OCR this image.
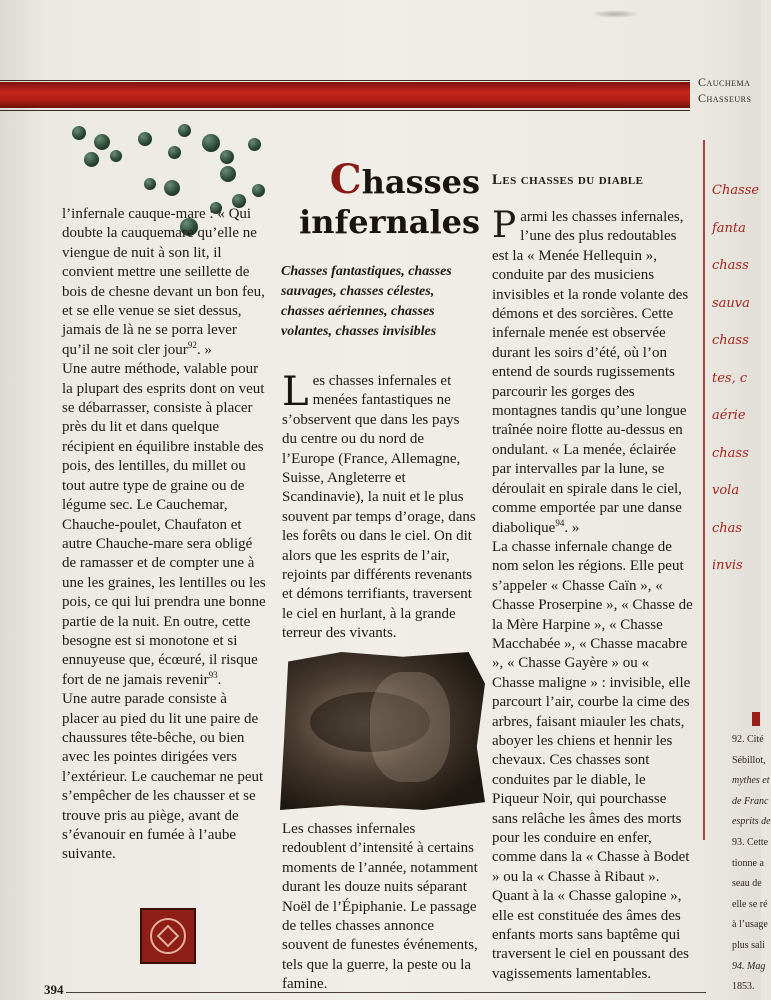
Cauchema
Chasseurs

l’infernale cauque-mare : « Qui doubte la cauquemare qu’elle ne viengue de nuit à son lit, il convient mettre une seillette de bois de chesne devant un bon feu, et se elle venue se siet dessus, jamais de là ne se porra lever qu’il ne soit cler jour$^{92}$. »

Une autre méthode, valable pour la plupart des esprits dont on veut se débarrasser, consiste à placer près du lit et dans quelque récipient en équilibre instable des pois, des lentilles, du millet ou tout autre type de graine ou de légume sec. Le Cauchemar, Chauche-poulet, Chaufaton et autre Chauche-mare sera obligé de ramasser et de compter une à une les graines, les lentilles ou les pois, ce qui lui prendra une bonne partie de la nuit. En outre, cette besogne est si monotone et si ennuyeuse que, écœuré, il risque fort de ne jamais revenir$^{93}$.

Une autre parade consiste à placer au pied du lit une paire de chaussures tête-bêche, ou bien avec les pointes dirigées vers l’extérieur. Le cauchemar ne peut s’empêcher de les chausser et se trouve pris au piège, avant de s’évanouir en fumée à l’aube suivante.

Chasses
infernales
Chasses fantastiques, chasses sauvages, chasses célestes, chasses aériennes, chasses volantes, chasses invisibles

Les chasses infernales et menées fantastiques ne s’observent que dans les pays du centre ou du nord de l’Europe (France, Allemagne, Suisse, Angleterre et Scandinavie), la nuit et le plus souvent par temps d’orage, dans les forêts ou dans le ciel. On dit alors que les esprits de l’air, rejoints par différents revenants et démons terrifiants, traversent le ciel en hurlant, à la grande terreur des vivants.

Les chasses infernales redoublent d’intensité à certains moments de l’année, notamment durant les douze nuits séparant Noël de l’Épiphanie. Le passage de telles chasses annonce souvent de funestes événements, tels que la guerre, la peste ou la famine.
Les chasses du diable

Parmi les chasses infernales, l’une des plus redoutables est la « Menée Hellequin », conduite par des musiciens invisibles et la ronde volante des démons et des sorcières. Cette infernale menée est observée durant les soirs d’été, où l’on entend de sourds rugissements parcourir les gorges des montagnes tandis qu’une longue traînée noire flotte au-dessus en ondulant. « La menée, éclairée par intervalles par la lune, se déroulait en spirale dans le ciel, comme emportée par une danse diabolique$^{94}$. »

La chasse infernale change de nom selon les régions. Elle peut s’appeler « Chasse Caïn », « Chasse Proserpine », « Chasse de la Mère Harpine », « Chasse Macchabée », « Chasse macabre », « Chasse Gayère » ou « Chasse maligne » : invisible, elle parcourt l’air, courbe la cime des arbres, faisant miauler les chats, aboyer les chiens et hennir les chevaux. Ces chasses sont conduites par le diable, le Piqueur Noir, qui pourchasse sans relâche les âmes des morts pour les conduire en enfer, comme dans la « Chasse à Bodet » ou la « Chasse à Ribaut ». Quant à la « Chasse galopine », elle est constituée des âmes des enfants morts sans baptême qui traversent le ciel en poussant des vagissements lamentables.

Chasse
fanta
chass
sauva
chass
tes, c
aérie
chass
vola
chas
invis
92. Cité
Sébillot,
mythes et
de Franc
esprits de
93. Cette
tionne a
seau de
elle se ré
à l’usage
plus sali
94. Mag
1853.
394
